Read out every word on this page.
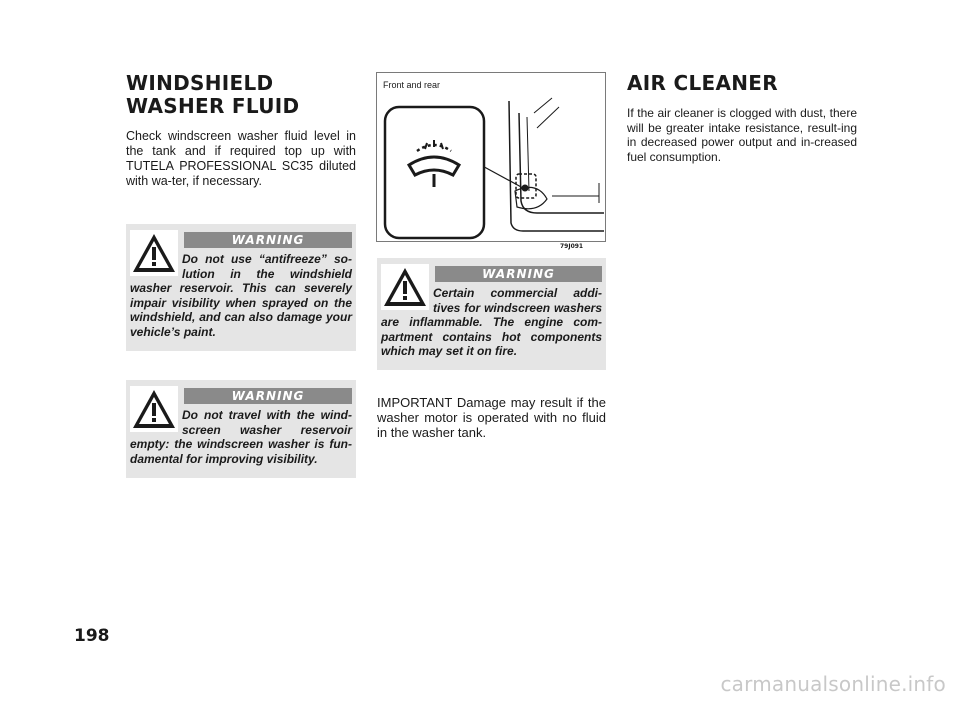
WINDSHIELD WASHER FLUID

Check windscreen washer fluid level in the tank and if required top up with TUTELA PROFESSIONAL SC35 diluted with wa-ter, if necessary.

WARNING

Do not use “antifreeze” so-lution in the windshield washer reservoir. This can severely impair visibility when sprayed on the windshield, and can also damage your vehicle’s paint.

WARNING

Do not travel with the wind-screen washer reservoir empty: the windscreen washer is fun-damental for improving visibility.

Front and rear

79J091
WARNING

Certain commercial addi-tives for windscreen washers are inflammable. The engine com-partment contains hot components which may set it on fire.

IMPORTANT Damage may result if the washer motor is operated with no fluid in the washer tank.

AIR CLEANER

If the air cleaner is clogged with dust, there will be greater intake resistance, result-ing in decreased power output and in-creased fuel consumption.

198

carmanualsonline.info
